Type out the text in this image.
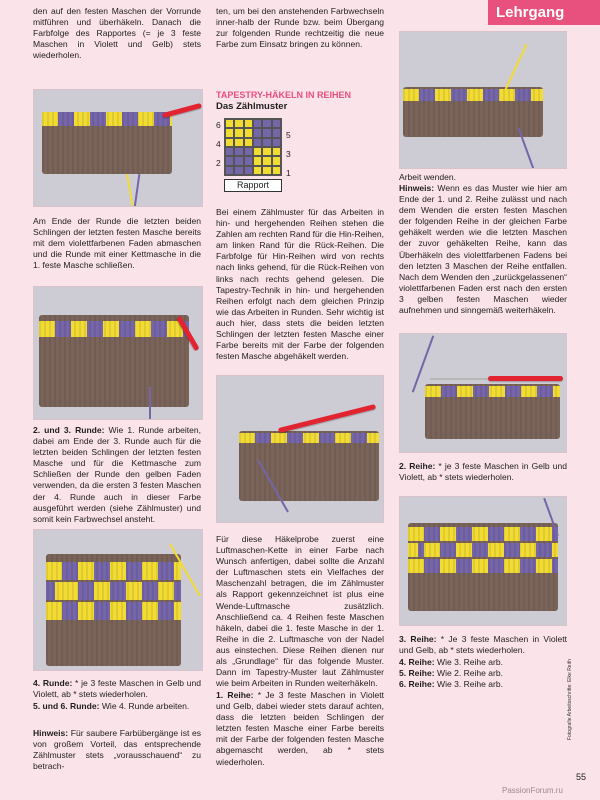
Lehrgang

den auf den festen Maschen der Vorrunde mitführen und überhäkeln. Danach die Farbfolge des Rapportes (= je 3 feste Maschen in Violett und Gelb) stets wiederholen.

Am Ende der Runde die letzten beiden Schlingen der letzten festen Masche bereits mit dem violettfarbenen Faden abmaschen und die Runde mit einer Kettmasche in die 1. feste Masche schließen.

2. und 3. Runde: Wie 1. Runde arbeiten, dabei am Ende der 3. Runde auch für die letzten beiden Schlingen der letzten festen Masche und für die Kettmasche zum Schließen der Runde den gelben Faden verwenden, da die ersten 3 festen Maschen der 4. Runde auch in dieser Farbe ausgeführt werden (siehe Zählmuster) und somit kein Farbwechsel ansteht.

4. Runde: * je 3 feste Maschen in Gelb und Violett, ab * stets wiederholen.

5. und 6. Runde: Wie 4. Runde arbeiten.

Hinweis: Für saubere Farbübergänge ist es von großem Vorteil, das entsprechende Zählmuster stets „vorausschauend“ zu betrach-

ten, um bei den anstehenden Farbwechseln inner-halb der Runde bzw. beim Übergang zur folgenden Runde rechtzeitig die neue Farbe zum Einsatz bringen zu können.

TAPESTRY-HÄKELN IN REIHEN
Das Zählmuster
6
4
2
5
3
1
Rapport

Bei einem Zählmuster für das Arbeiten in hin- und hergehenden Reihen stehen die Zahlen am rechten Rand für die Hin-Reihen, am linken Rand für die Rück-Reihen. Die Farbfolge für Hin-Reihen wird von rechts nach links gehend, für die Rück-Reihen von links nach rechts gehend gelesen. Die Tapestry-Technik in hin- und hergehenden Reihen erfolgt nach dem gleichen Prinzip wie das Arbeiten in Runden. Sehr wichtig ist auch hier, dass stets die beiden letzten Schlingen der letzten festen Masche einer Farbe bereits mit der Farbe der folgenden festen Masche abgehäkelt werden.

Für diese Häkelprobe zuerst eine Luftmaschen-Kette in einer Farbe nach Wunsch anfertigen, dabei sollte die Anzahl der Luftmaschen stets ein Vielfaches der Maschenzahl betragen, die im Zählmuster als Rapport gekennzeichnet ist plus eine Wende-Luftmasche zusätzlich. Anschließend ca. 4 Reihen feste Maschen häkeln, dabei die 1. feste Masche in der 1. Reihe in die 2. Luftmasche von der Nadel aus einstechen. Diese Reihen dienen nur als „Grundlage“ für das folgende Muster. Dann im Tapestry-Muster laut Zählmuster wie beim Arbeiten in Runden weiterhäkeln.

1. Reihe: * Je 3 feste Maschen in Violett und Gelb, dabei wieder stets darauf achten, dass die letzten beiden Schlingen der letzten festen Masche einer Farbe bereits mit der Farbe der folgenden festen Masche abgemascht werden, ab * stets wiederholen.

Arbeit wenden.

Hinweis: Wenn es das Muster wie hier am Ende der 1. und 2. Reihe zulässt und nach dem Wenden die ersten festen Maschen der folgenden Reihe in der gleichen Farbe gehäkelt werden wie die letzten Maschen der zuvor gehäkelten Reihe, kann das Überhäkeln des violettfarbenen Fadens bei den letzten 3 Maschen der Reihe entfallen. Nach dem Wenden den „zurückgelassenen“ violettfarbenen Faden erst nach den ersten 3 gelben festen Maschen wieder aufnehmen und sinngemäß weiterhäkeln.

2. Reihe: * je 3 feste Maschen in Gelb und Violett, ab * stets wiederholen.

3. Reihe: * Je 3 feste Maschen in Violett und Gelb, ab * stets wiederholen.

4. Reihe: Wie 3. Reihe arb.

5. Reihe: Wie 2. Reihe arb.

6. Reihe: Wie 3. Reihe arb.	Fotografie Arbeitsschritte: Elke Reith
55
PassionForum.ru
